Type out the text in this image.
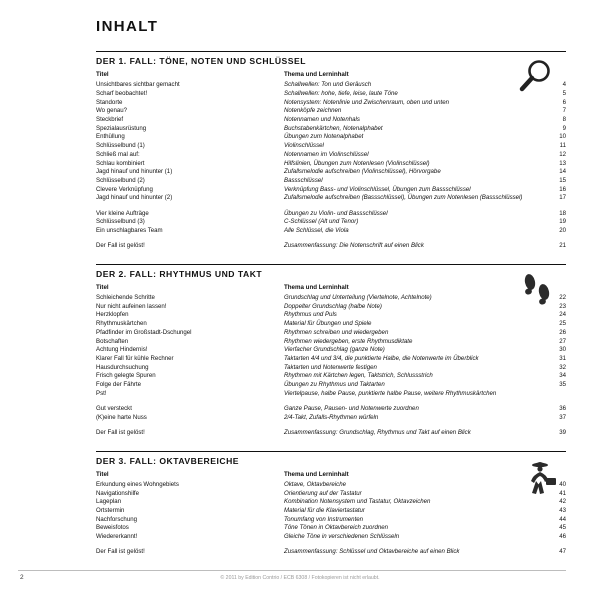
INHALT
DER 1. FALL: TÖNE, NOTEN UND SCHLÜSSEL
Titel	Thema und Lerninhalt	
Unsichtbares sichtbar gemacht	Schallwellen: Ton und Geräusch	4
Scharf beobachtet!	Schallwellen: hohe, tiefe, leise, laute Töne	5
Standorte	Notensystem: Notenlinie und Zwischenraum, oben und unten	6
Wo genau?	Notenköpfe zeichnen	7
Steckbrief	Notennamen und Notenhals	8
Spezialausrüstung	Buchstabenkärtchen, Notenalphabet	9
Enthüllung	Übungen zum Notenalphabet	10
Schlüsselbund (1)	Violinschlüssel	11
Schließ mal auf:	Notennamen im Violinschlüssel	12
Schlau kombiniert	Hilfslinien, Übungen zum Notenlesen (Violinschlüssel)	13
Jagd hinauf und hinunter (1)	Zufallsmelodie aufschreiben (Violinschlüssel), Hörvorgabe	14
Schlüsselbund (2)	Bassschlüssel	15
Clevere Verknüpfung	Verknüpfung Bass- und Violinschlüssel, Übungen zum Bassschlüssel	16
Jagd hinauf und hinunter (2)	Zufallsmelodie aufschreiben (Bassschlüssel), Übungen zum Notenlesen (Bassschlüssel)	17

Vier kleine Aufträge	Übungen zu Violin- und Bassschlüssel	18
Schlüsselbund (3)	C-Schlüssel (Alt und Tenor)	19
Ein unschlagbares Team	Alle Schlüssel, die Viola	20

Der Fall ist gelöst!	Zusammenfassung: Die Notenschrift auf einen Blick	21
DER 2. FALL: RHYTHMUS UND TAKT
Titel	Thema und Lerninhalt	
Schleichende Schritte	Grundschlag und Unterteilung (Viertelnote, Achtelnote)	22
Nur nicht aufeinen lassen!	Doppelter Grundschlag (halbe Note)	23
Herzklopfen	Rhythmus und Puls	24
Rhythmuskärtchen	Material für Übungen und Spiele	25
Pfadfinder im Großstadt-Dschungel	Rhythmen schreiben und wiedergeben	26
Botschaften	Rhythmen wiedergeben, erste Rhythmusdiktate	27
Achtung Hindernis!	Vierfacher Grundschlag (ganze Note)	30
Klarer Fall für kühle Rechner	Taktarten 4/4 und 3/4, die punktierte Halbe, die Notenwerte im Überblick	31
Hausdurchsuchung	Taktarten und Notenwerte festigen	32
Frisch gelegte Spuren	Rhythmen mit Kärtchen legen, Taktstrich, Schlussstrich	34
Folge der Fährte	Übungen zu Rhythmus und Taktarten	35
Pst!	Viertelpause, halbe Pause, punktierte halbe Pause, weitere Rhythmuskärtchen	

Gut versteckt	Ganze Pause, Pausen- und Notenwerte zuordnen	36
(K)eine harte Nuss	2/4-Takt, Zufalls-Rhythmen würfeln	37

Der Fall ist gelöst!	Zusammenfassung: Grundschlag, Rhythmus und Takt auf einen Blick	39
DER 3. FALL: OKTAVBEREICHE
Titel	Thema und Lerninhalt	
Erkundung eines Wohngebiets	Oktave, Oktavbereiche	40
Navigationshilfe	Orientierung auf der Tastatur	41
Lageplan	Kombination Notensystem und Tastatur, Oktavzeichen	42
Ortstermin	Material für die Klaviertastatur	43
Nachforschung	Tonumfang von Instrumenten	44
Beweisfotos	Töne Tönen in Oktavbereich zuordnen	45
Wiedererkannt!	Gleiche Töne in verschiedenen Schlüsseln	46

Der Fall ist gelöst!	Zusammenfassung: Schlüssel und Oktavbereiche auf einen Blick	47
2	© 2011 by Edition Contrio / ECB 6308 / Fotokopieren ist nicht erlaubt.
